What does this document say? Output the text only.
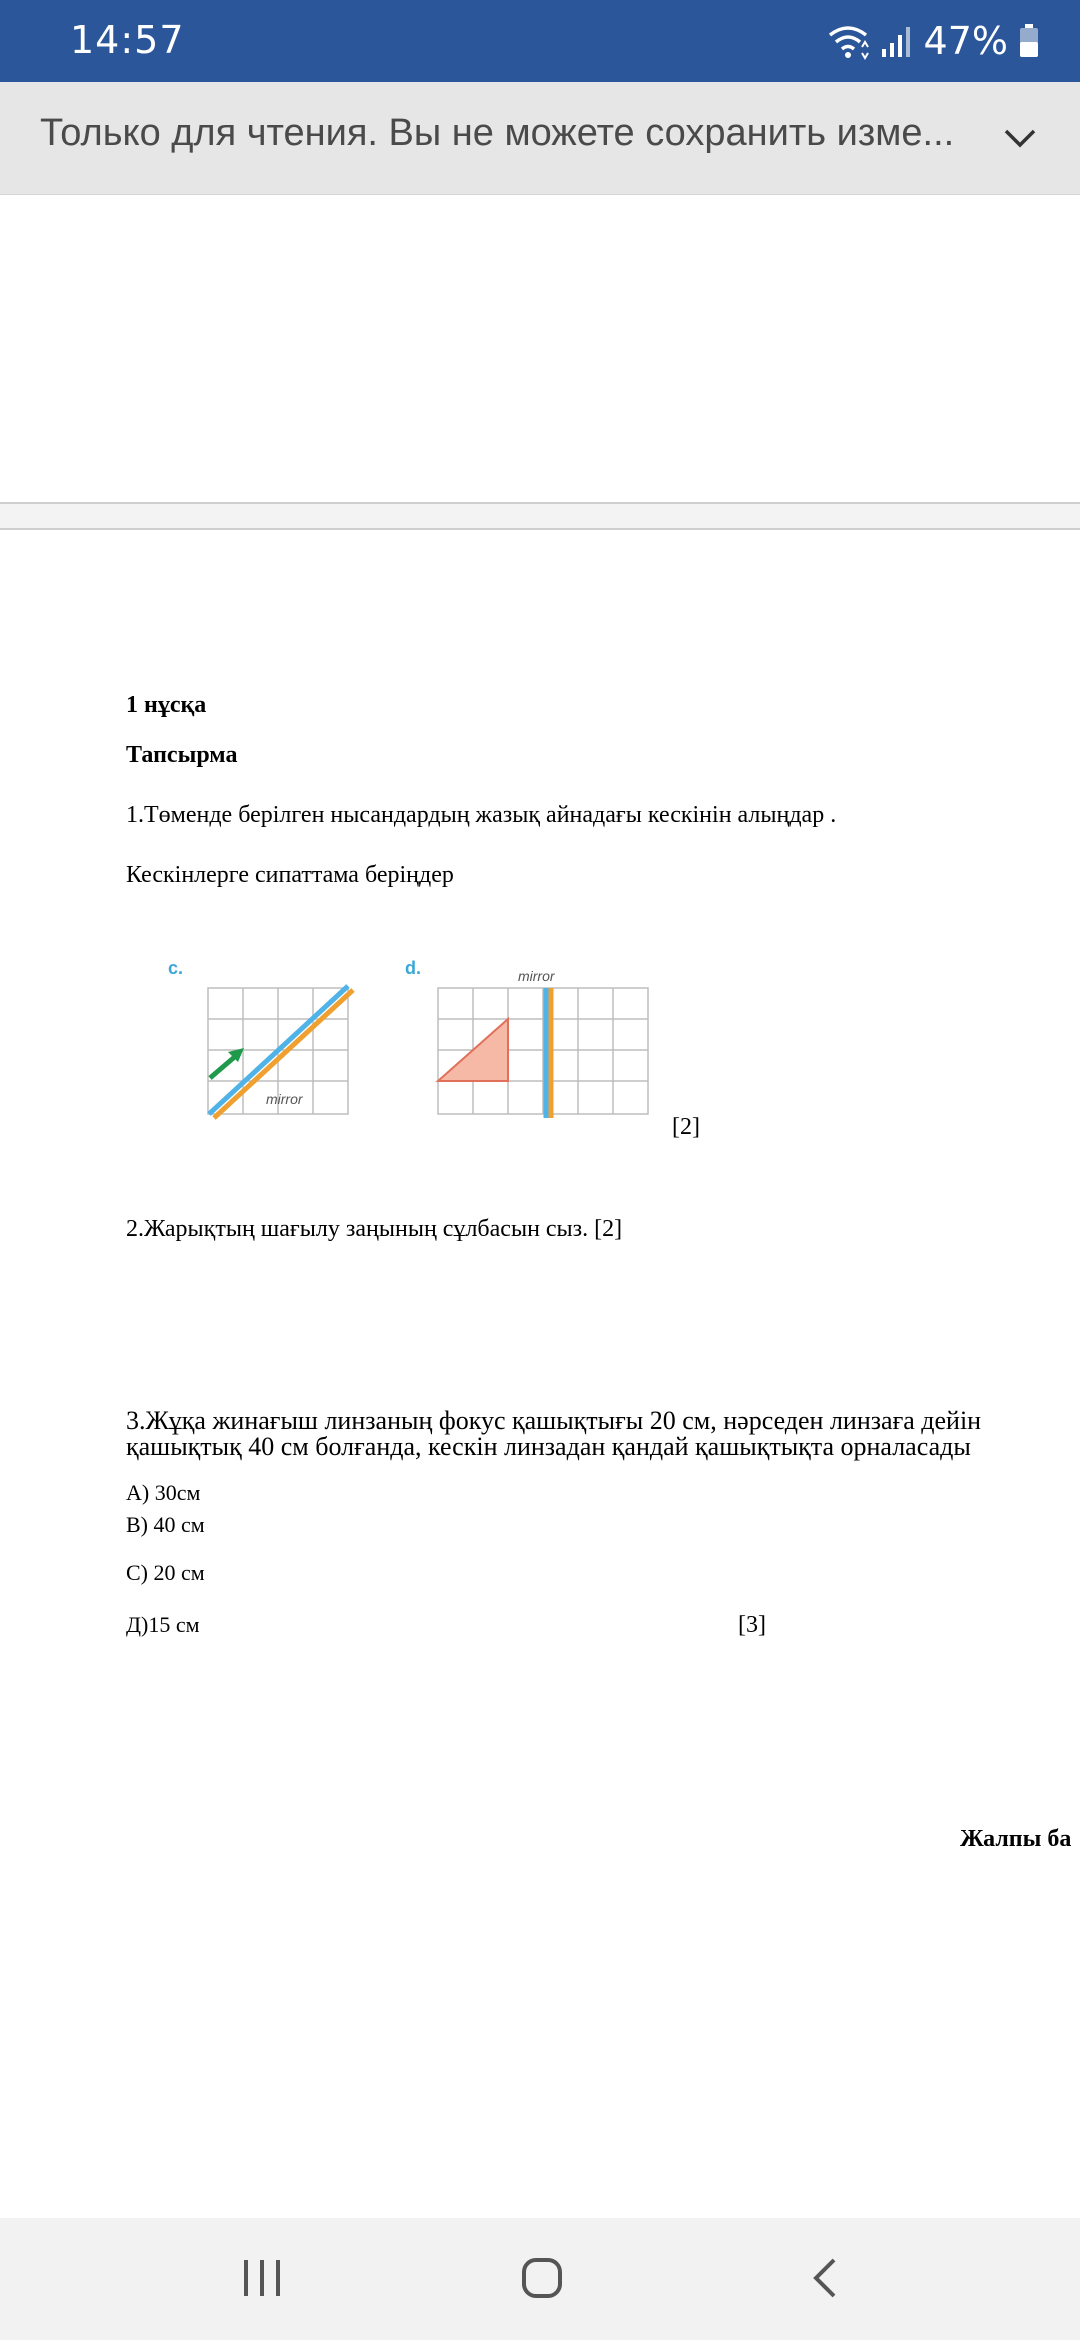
14:57	47%
Только для чтения. Вы не можете сохранить изме...
1 нұсқа
Тапсырма
1.Төменде берілген нысандардың жазық айнадағы кескінін алыңдар .
Кескінлерге сипаттама беріңдер
c.
mirror
d.	mirror
[2]
2.Жарықтың шағылу заңының сұлбасын сыз. [2]
3.Жұқа жинағыш линзаның фокус қашықтығы 20 см, нәрседен линзаға дейін
қашықтық 40 см болғанда, кескін линзадан қандай қашықтықта орналасады
А) 30см
В) 40 см
С) 20 см
Д)15 см	[3]
Жалпы ба
